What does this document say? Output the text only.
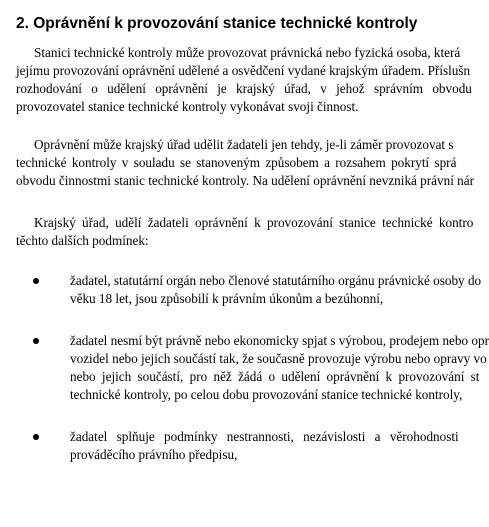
2. Oprávnění k provozování stanice technické kontroly
Stanici technické kontroly může provozovat právnická nebo fyzická osoba, která
jejímu provozování oprávnění udělené a osvědčení vydané krajským úřadem. Příslušn
rozhodování o udělení oprávnění je krajský úřad, v jehož správním obvodu
provozovatel stanice technické kontroly vykonávat svoji činnost.
Oprávnění může krajský úřad udělit žadateli jen tehdy, je-li záměr provozovat s
technické kontroly v souladu se stanoveným způsobem a rozsahem pokrytí sprá
obvodu činnostmi stanic technické kontroly. Na udělení oprávnění nevzniká právní nár
Krajský úřad, udělí žadateli oprávnění k provozování stanice technické kontro
těchto dalších podmínek:
žadatel, statutární orgán nebo členové statutárního orgánu právnické osoby do
věku 18 let, jsou způsobilí k právním úkonům a bezúhonní,
žadatel nesmí být právně nebo ekonomicky spjat s výrobou, prodejem nebo opr
vozidel nebo jejich součástí tak, že současně provozuje výrobu nebo opravy vo
nebo jejich součástí, pro něž žádá o udělení oprávnění k provozování st
technické kontroly, po celou dobu provozování stanice technické kontroly,
žadatel splňuje podmínky nestrannosti, nezávislosti a věrohodnosti
prováděcího právního předpisu,
